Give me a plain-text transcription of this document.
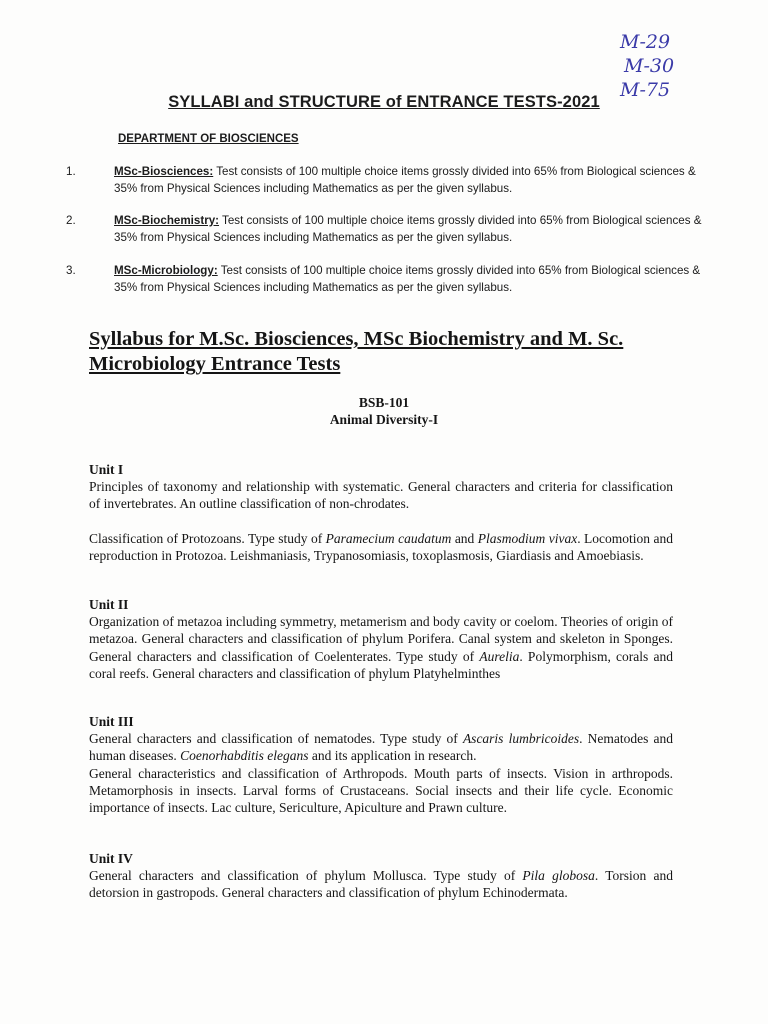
M-29
M-30
M-75
SYLLABI and STRUCTURE of ENTRANCE TESTS-2021
DEPARTMENT OF BIOSCIENCES
1.	MSc-Biosciences: Test consists of 100 multiple choice items grossly divided into 65% from Biological sciences & 35% from Physical Sciences including Mathematics as per the given syllabus.
2.	MSc-Biochemistry: Test consists of 100 multiple choice items grossly divided into 65% from Biological sciences & 35% from Physical Sciences including Mathematics as per the given syllabus.
3.	MSc-Microbiology: Test consists of 100 multiple choice items grossly divided into 65% from Biological sciences & 35% from Physical Sciences including Mathematics as per the given syllabus.
Syllabus for M.Sc. Biosciences, MSc Biochemistry and M. Sc. Microbiology Entrance Tests
BSB-101
Animal Diversity-I
Unit I

Principles of taxonomy and relationship with systematic. General characters and criteria for classification of invertebrates. An outline classification of non-chrodates.

Classification of Protozoans. Type study of Paramecium caudatum and Plasmodium vivax. Locomotion and reproduction in Protozoa. Leishmaniasis, Trypanosomiasis, toxoplasmosis, Giardiasis and Amoebiasis.

Unit II

Organization of metazoa including symmetry, metamerism and body cavity or coelom. Theories of origin of metazoa. General characters and classification of phylum Porifera. Canal system and skeleton in Sponges. General characters and classification of Coelenterates. Type study of Aurelia. Polymorphism, corals and coral reefs. General characters and classification of phylum Platyhelminthes

Unit III

General characters and classification of nematodes. Type study of Ascaris lumbricoides. Nematodes and human diseases. Coenorhabditis elegans and its application in research.

General characteristics and classification of Arthropods. Mouth parts of insects. Vision in arthropods. Metamorphosis in insects. Larval forms of Crustaceans. Social insects and their life cycle. Economic importance of insects. Lac culture, Sericulture, Apiculture and Prawn culture.

Unit IV

General characters and classification of phylum Mollusca. Type study of Pila globosa. Torsion and detorsion in gastropods. General characters and classification of phylum Echinodermata.
